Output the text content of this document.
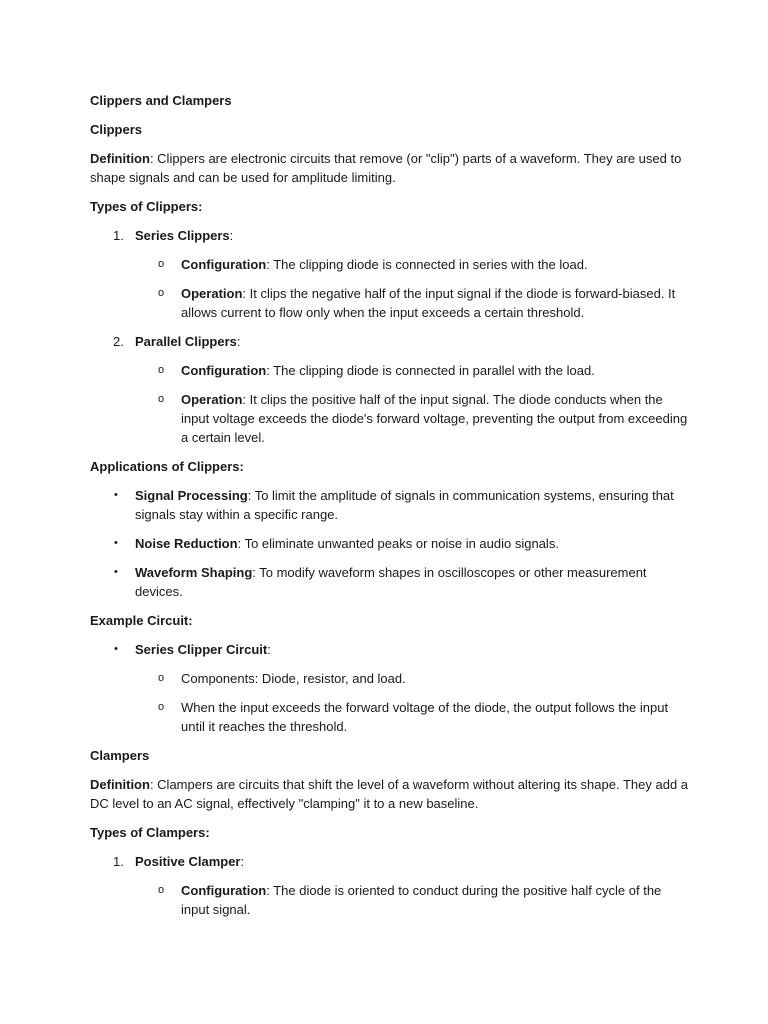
Clippers and Clampers

Clippers

Definition: Clippers are electronic circuits that remove (or "clip") parts of a waveform. They are used to shape signals and can be used for amplitude limiting.

Types of Clippers:

1. Series Clippers:
o Configuration: The clipping diode is connected in series with the load.
o Operation: It clips the negative half of the input signal if the diode is forward-biased. It allows current to flow only when the input exceeds a certain threshold.
2. Parallel Clippers:
o Configuration: The clipping diode is connected in parallel with the load.
o Operation: It clips the positive half of the input signal. The diode conducts when the input voltage exceeds the diode's forward voltage, preventing the output from exceeding a certain level.

Applications of Clippers:

• Signal Processing: To limit the amplitude of signals in communication systems, ensuring that signals stay within a specific range.
• Noise Reduction: To eliminate unwanted peaks or noise in audio signals.
• Waveform Shaping: To modify waveform shapes in oscilloscopes or other measurement devices.

Example Circuit:

• Series Clipper Circuit:
o Components: Diode, resistor, and load.
o When the input exceeds the forward voltage of the diode, the output follows the input until it reaches the threshold.

Clampers

Definition: Clampers are circuits that shift the level of a waveform without altering its shape. They add a DC level to an AC signal, effectively "clamping" it to a new baseline.

Types of Clampers:

1. Positive Clamper:
o Configuration: The diode is oriented to conduct during the positive half cycle of the input signal.
